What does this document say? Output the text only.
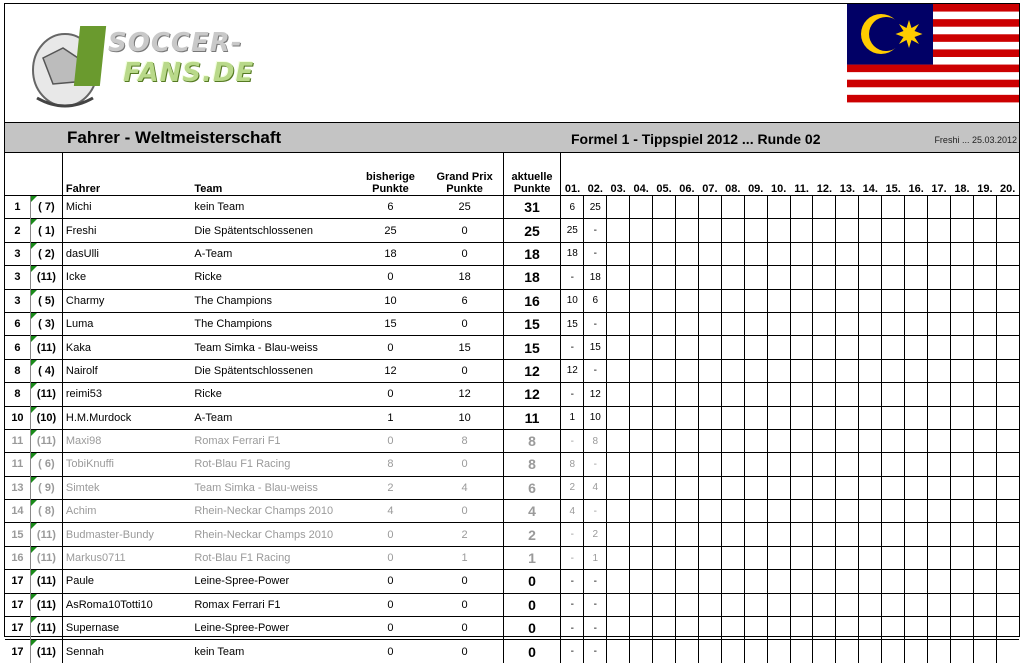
SOCCER-
FANS.DE
Fahrer - Weltmeisterschaft	Formel 1 - Tippspiel 2012 ... Runde 02	Freshi ... 25.03.2012
		Fahrer	Team	bisherige
Punkte	Grand Prix
Punkte	aktuelle
Punkte	01.	02.	03.	04.	05.	06.	07.	08.	09.	10.	11.	12.	13.	14.	15.	16.	17.	18.	19.	20.
1	( 7)	Michi	kein Team	6	25	31	6	25																		
2	( 1)	Freshi	Die Spätentschlossenen	25	0	25	25	-																		
3	( 2)	dasUlli	A-Team	18	0	18	18	-																		
3	(11)	Icke	Ricke	0	18	18	-	18																		
3	( 5)	Charmy	The Champions	10	6	16	10	6																		
6	( 3)	Luma	The Champions	15	0	15	15	-																		
6	(11)	Kaka	Team Simka - Blau-weiss	0	15	15	-	15																		
8	( 4)	Nairolf	Die Spätentschlossenen	12	0	12	12	-																		
8	(11)	reimi53	Ricke	0	12	12	-	12																		
10	(10)	H.M.Murdock	A-Team	1	10	11	1	10																		
11	(11)	Maxi98	Romax Ferrari F1	0	8	8	-	8																		
11	( 6)	TobiKnuffi	Rot-Blau F1 Racing	8	0	8	8	-																		
13	( 9)	Simtek	Team Simka - Blau-weiss	2	4	6	2	4																		
14	( 8)	Achim	Rhein-Neckar Champs 2010	4	0	4	4	-																		
15	(11)	Budmaster-Bundy	Rhein-Neckar Champs 2010	0	2	2	-	2																		
16	(11)	Markus0711	Rot-Blau F1 Racing	0	1	1	-	1																		
17	(11)	Paule	Leine-Spree-Power	0	0	0	-	-																		
17	(11)	AsRoma10Totti10	Romax Ferrari F1	0	0	0	-	-																		
17	(11)	Supernase	Leine-Spree-Power	0	0	0	-	-																		
17	(11)	Sennah	kein Team	0	0	0	-	-																		
